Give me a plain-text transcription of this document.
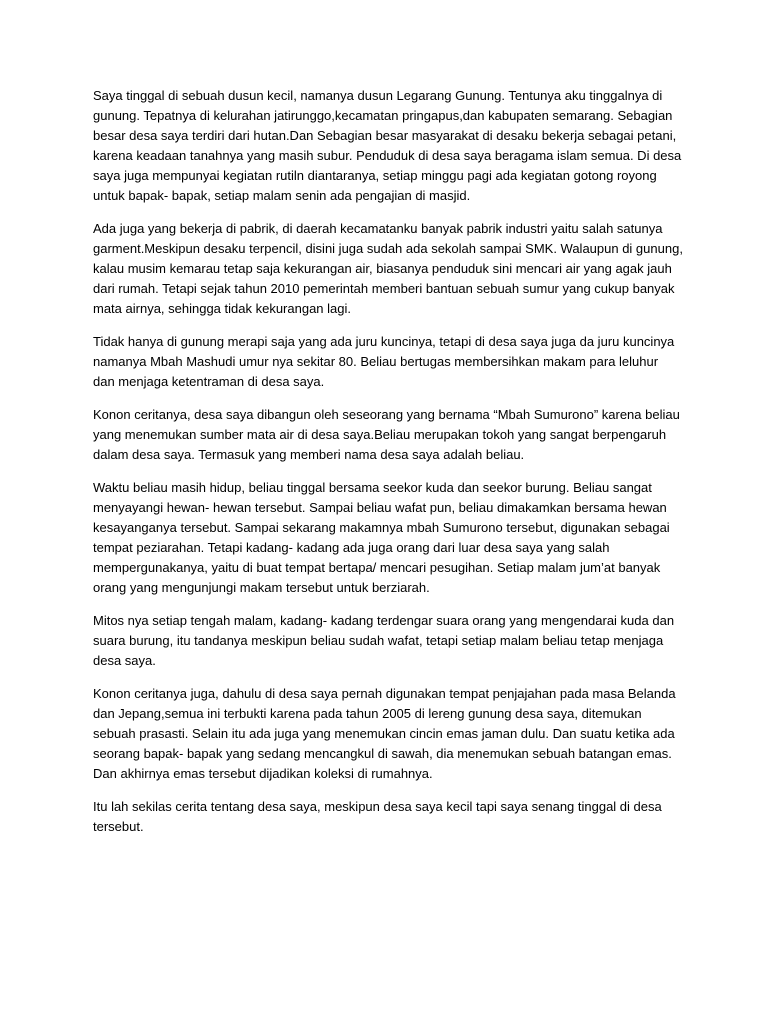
Saya tinggal di sebuah dusun kecil, namanya dusun Legarang Gunung. Tentunya aku tinggalnya di gunung. Tepatnya di kelurahan jatirunggo,kecamatan pringapus,dan kabupaten semarang. Sebagian besar desa saya terdiri dari hutan.Dan Sebagian besar masyarakat di desaku bekerja sebagai petani, karena keadaan tanahnya yang masih subur. Penduduk di desa saya beragama islam semua. Di desa saya juga mempunyai kegiatan rutiln diantaranya, setiap minggu pagi ada kegiatan gotong royong untuk bapak- bapak, setiap malam senin ada pengajian di masjid.

Ada juga yang bekerja di pabrik, di daerah kecamatanku banyak pabrik industri yaitu salah satunya garment.Meskipun desaku terpencil, disini juga sudah ada sekolah sampai SMK. Walaupun di gunung, kalau musim kemarau tetap saja kekurangan air, biasanya penduduk sini mencari air yang agak jauh dari rumah. Tetapi sejak tahun 2010 pemerintah memberi bantuan sebuah sumur yang cukup banyak mata airnya, sehingga tidak kekurangan lagi.

Tidak hanya di gunung merapi saja yang ada juru kuncinya, tetapi di desa saya juga da juru kuncinya namanya Mbah Mashudi umur nya sekitar 80. Beliau bertugas membersihkan makam para leluhur dan menjaga ketentraman di desa saya.

Konon ceritanya, desa saya dibangun oleh seseorang yang bernama “Mbah Sumurono” karena beliau yang menemukan sumber mata air di desa saya.Beliau merupakan tokoh yang sangat berpengaruh dalam desa saya. Termasuk yang memberi nama desa saya adalah beliau.

Waktu beliau masih hidup, beliau tinggal bersama seekor kuda dan seekor burung. Beliau sangat menyayangi hewan- hewan tersebut. Sampai beliau wafat pun, beliau dimakamkan bersama hewan kesayanganya tersebut. Sampai sekarang makamnya mbah Sumurono tersebut, digunakan sebagai tempat peziarahan. Tetapi kadang- kadang ada juga orang dari luar desa saya yang salah mempergunakanya, yaitu di buat tempat bertapa/ mencari pesugihan. Setiap malam jum’at banyak orang yang mengunjungi makam tersebut untuk berziarah.

Mitos nya setiap tengah malam, kadang- kadang terdengar suara orang yang mengendarai kuda dan suara burung, itu tandanya meskipun beliau sudah wafat, tetapi setiap malam beliau tetap menjaga desa saya.

Konon ceritanya juga, dahulu di desa saya pernah digunakan tempat penjajahan pada masa Belanda dan Jepang,semua ini terbukti karena pada tahun 2005 di lereng gunung desa saya, ditemukan sebuah prasasti. Selain itu ada juga yang menemukan cincin emas jaman dulu. Dan suatu ketika ada seorang bapak- bapak yang sedang mencangkul di sawah, dia menemukan sebuah batangan emas. Dan akhirnya emas tersebut dijadikan koleksi di rumahnya.

Itu lah sekilas cerita tentang desa saya, meskipun desa saya kecil tapi saya senang tinggal di desa tersebut.
